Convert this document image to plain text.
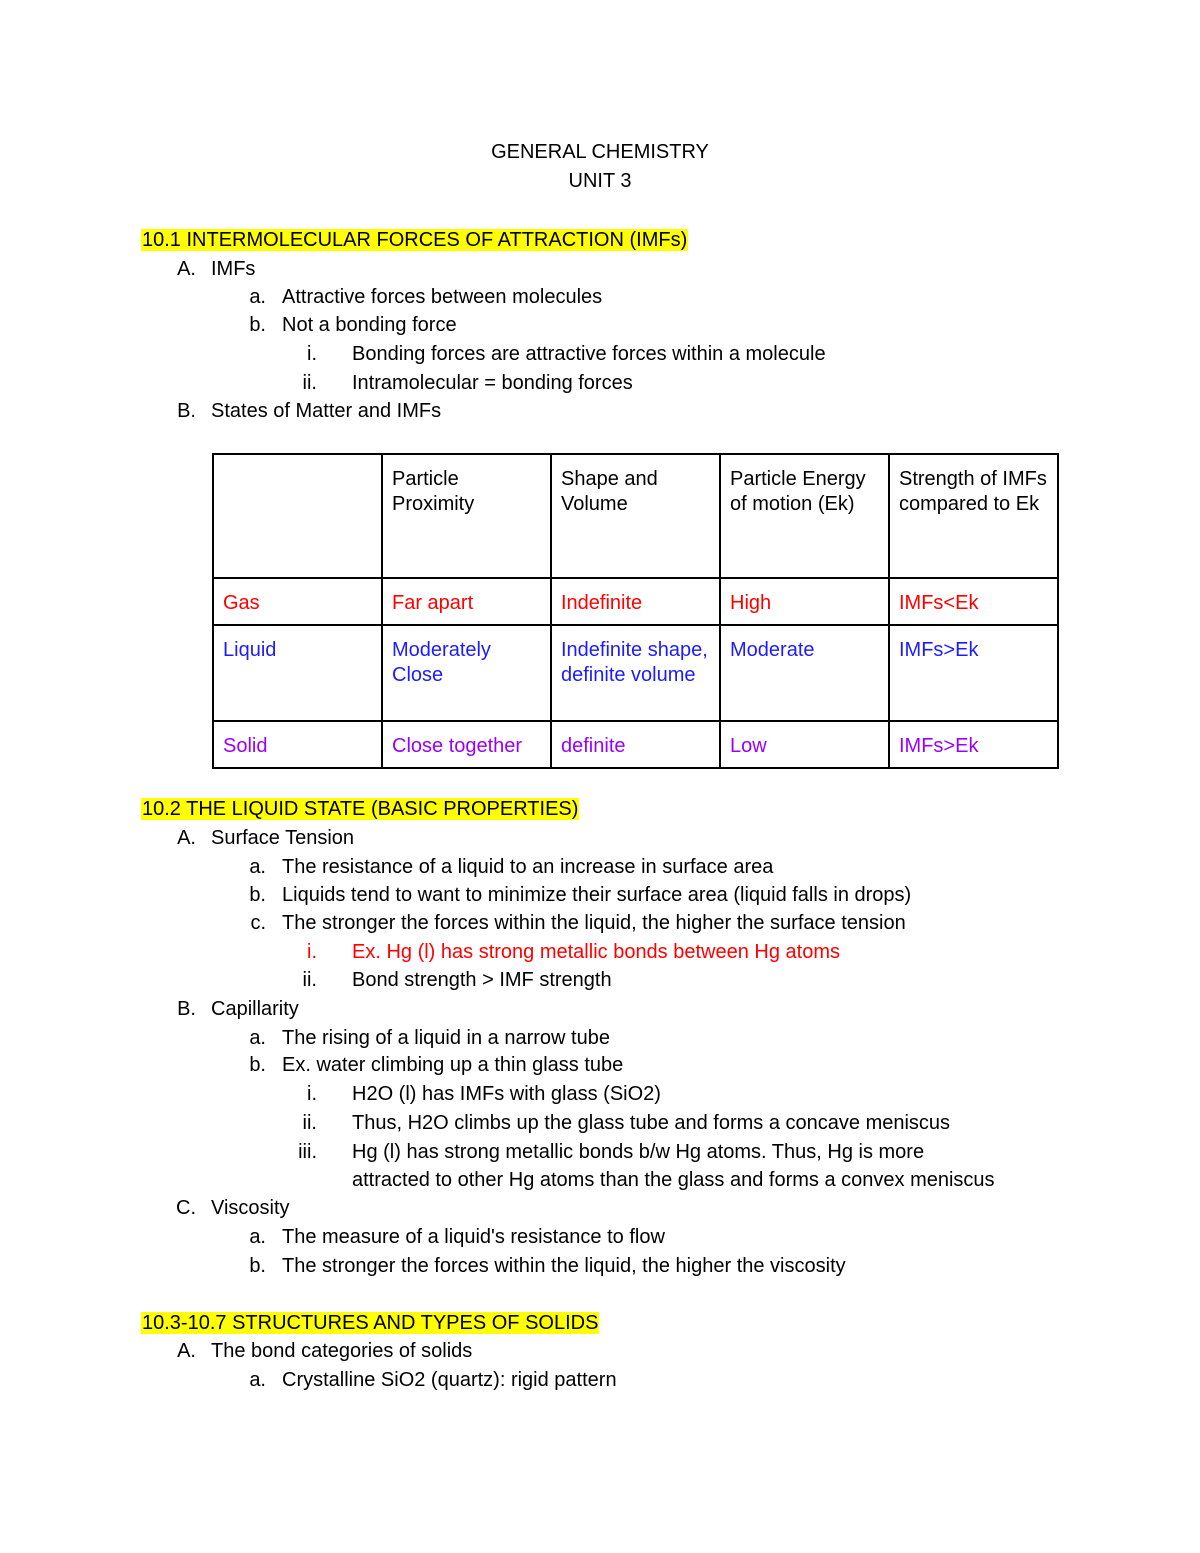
GENERAL CHEMISTRY
UNIT 3
10.1 INTERMOLECULAR FORCES OF ATTRACTION (IMFs)
A. IMFs
a. Attractive forces between molecules
b. Not a bonding force
i. Bonding forces are attractive forces within a molecule
ii. Intramolecular = bonding forces
B. States of Matter and IMFs
	Particle Proximity	Shape and Volume	Particle Energy of motion (Ek)	Strength of IMFs compared to Ek
Gas	Far apart	Indefinite	High	IMFs<Ek
Liquid	Moderately Close	Indefinite shape, definite volume	Moderate	IMFs>Ek
Solid	Close together	definite	Low	IMFs>Ek
10.2 THE LIQUID STATE (BASIC PROPERTIES)
A. Surface Tension
a. The resistance of a liquid to an increase in surface area
b. Liquids tend to want to minimize their surface area (liquid falls in drops)
c. The stronger the forces within the liquid, the higher the surface tension
i. Ex. Hg (l) has strong metallic bonds between Hg atoms
ii. Bond strength > IMF strength
B. Capillarity
a. The rising of a liquid in a narrow tube
b. Ex. water climbing up a thin glass tube
i. H2O (l) has IMFs with glass (SiO2)
ii. Thus, H2O climbs up the glass tube and forms a concave meniscus
iii. Hg (l) has strong metallic bonds b/w Hg atoms. Thus, Hg is more
attracted to other Hg atoms than the glass and forms a convex meniscus
C. Viscosity
a. The measure of a liquid's resistance to flow
b. The stronger the forces within the liquid, the higher the viscosity
10.3-10.7 STRUCTURES AND TYPES OF SOLIDS
A. The bond categories of solids
a. Crystalline SiO2 (quartz): rigid pattern
